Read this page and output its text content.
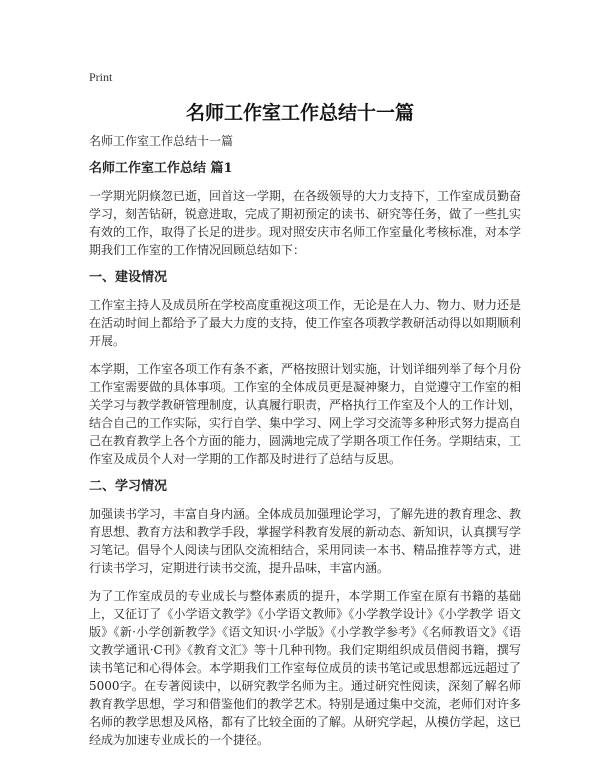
Print
名师工作室工作总结十一篇

名师工作室工作总结十一篇

名师工作室工作总结 篇1

一学期光阴倏忽已逝，回首这一学期，在各级领导的大力支持下，工作室成员勤奋学习，刻苦钻研，锐意进取，完成了期初预定的读书、研究等任务，做了一些扎实有效的工作，取得了长足的进步。现对照安庆市名师工作室量化考核标准，对本学期我们工作室的工作情况回顾总结如下：

一、建设情况

工作室主持人及成员所在学校高度重视这项工作，无论是在人力、物力、财力还是在活动时间上都给予了最大力度的支持，使工作室各项教学教研活动得以如期顺利开展。

本学期，工作室各项工作有条不紊，严格按照计划实施，计划详细列举了每个月份工作室需要做的具体事项。工作室的全体成员更是凝神聚力，自觉遵守工作室的相关学习与教学教研管理制度，认真履行职责，严格执行工作室及个人的工作计划，结合自己的工作实际，实行自学、集中学习、网上学习交流等多种形式努力提高自己在教育教学上各个方面的能力，圆满地完成了学期各项工作任务。学期结束，工作室及成员个人对一学期的工作都及时进行了总结与反思。

二、学习情况

加强读书学习，丰富自身内涵。全体成员加强理论学习，了解先进的教育理念、教育思想、教育方法和教学手段，掌握学科教育发展的新动态、新知识，认真撰写学习笔记。倡导个人阅读与团队交流相结合，采用同读一本书、精品推荐等方式，进行读书学习，定期进行读书交流，提升品味，丰富内涵。

为了工作室成员的专业成长与整体素质的提升，本学期工作室在原有书籍的基础上，又征订了《小学语文教学》《小学语文教师》《小学教学设计》《小学教学 语文版》《新·小学创新教学》《语文知识·小学版》《小学教学参考》《名师教语文》《语文教学通讯·C刊》《教育文汇》等十几种刊物。我们定期组织成员借阅书籍，撰写读书笔记和心得体会。本学期我们工作室每位成员的读书笔记或思想都远远超过了5000字。在专著阅读中，以研究教学名师为主。通过研究性阅读，深刻了解名师教育教学思想，学习和借鉴他们的教学艺术。特别是通过集中交流，老师们对许多名师的教学思想及风格，都有了比较全面的了解。从研究学起，从模仿学起，这已经成为加速专业成长的一个捷径。
